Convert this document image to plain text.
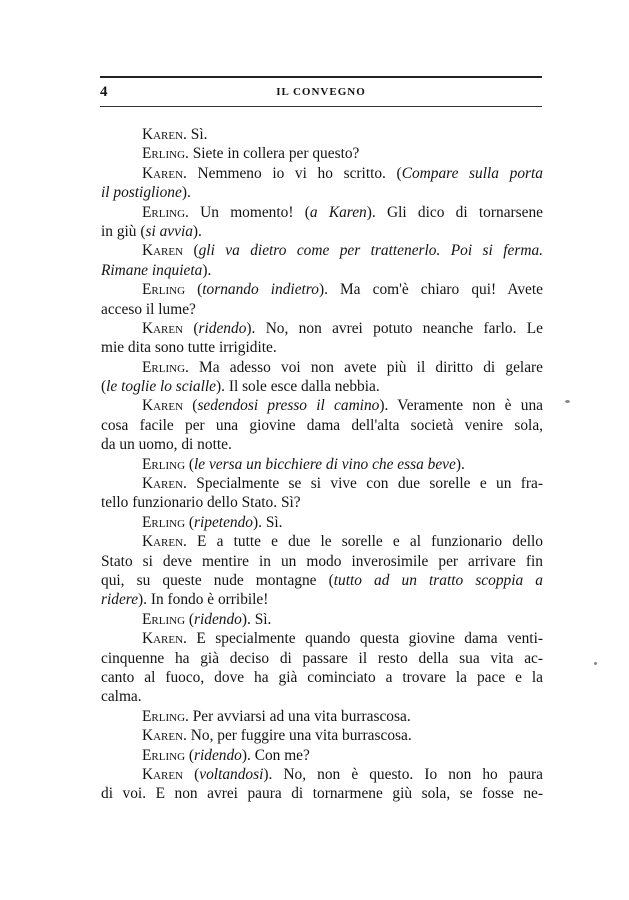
4	IL CONVEGNO
Karen. Sì.
Erling. Siete in collera per questo?
Karen. Nemmeno io vi ho scritto. (Compare sulla porta
il postiglione).
Erling. Un momento! (a Karen). Gli dico di tornarsene
in giù (si avvia).
Karen (gli va dietro come per trattenerlo. Poi si ferma.
Rimane inquieta).
Erling (tornando indietro). Ma com'è chiaro qui! Avete
acceso il lume?
Karen (ridendo). No, non avrei potuto neanche farlo. Le
mie dita sono tutte irrigidite.
Erling. Ma adesso voi non avete più il diritto di gelare
(le toglie lo scialle). Il sole esce dalla nebbia.
Karen (sedendosi presso il camino). Veramente non è una
cosa facile per una giovine dama dell'alta società venire sola,
da un uomo, di notte.
Erling (le versa un bicchiere di vino che essa beve).
Karen. Specialmente se si vive con due sorelle e un fra-
tello funzionario dello Stato. Sì?
Erling (ripetendo). Sì.
Karen. E a tutte e due le sorelle e al funzionario dello
Stato si deve mentire in un modo inverosimile per arrivare fin
qui, su queste nude montagne (tutto ad un tratto scoppia a
ridere). In fondo è orribile!
Erling (ridendo). Sì.
Karen. E specialmente quando questa giovine dama venti-
cinquenne ha già deciso di passare il resto della sua vita ac-
canto al fuoco, dove ha già cominciato a trovare la pace e la
calma.
Erling. Per avviarsi ad una vita burrascosa.
Karen. No, per fuggire una vita burrascosa.
Erling (ridendo). Con me?
Karen (voltandosi). No, non è questo. Io non ho paura
di voi. E non avrei paura di tornarmene giù sola, se fosse ne-
